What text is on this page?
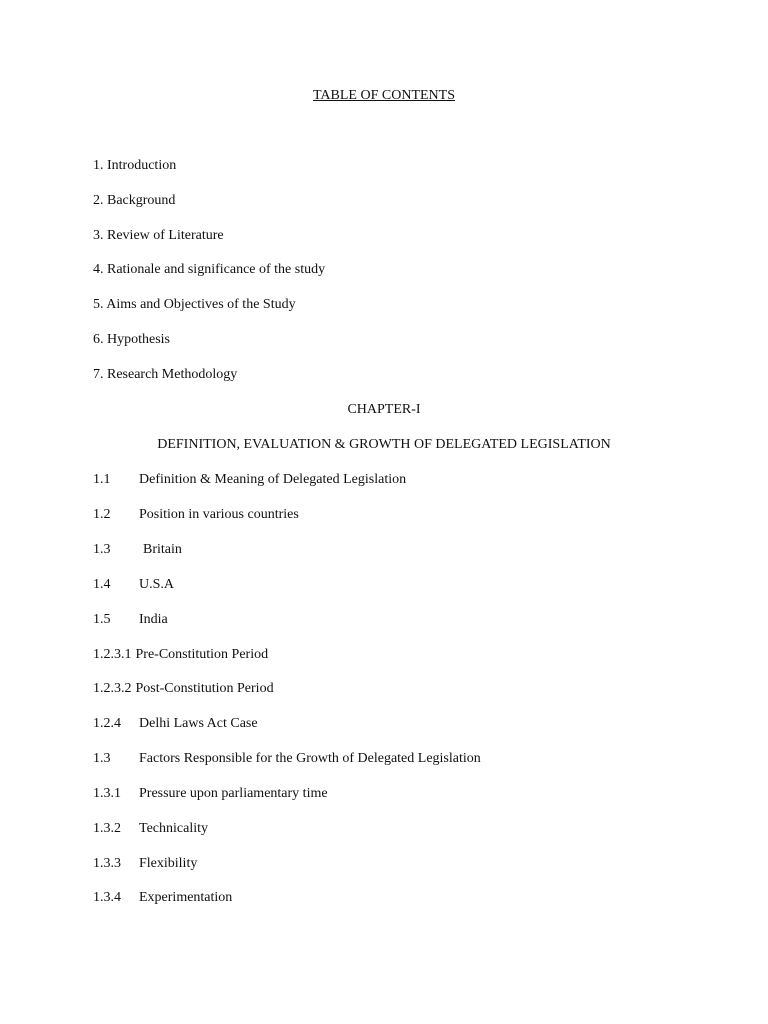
TABLE OF CONTENTS
1. Introduction
2. Background
3. Review of Literature
4. Rationale and significance of the study
5. Aims and Objectives of the Study
6. Hypothesis
7. Research Methodology
CHAPTER-I
DEFINITION, EVALUATION & GROWTH OF DELEGATED LEGISLATION
1.1 Definition & Meaning of Delegated Legislation
1.2 Position in various countries
1.3 Britain
1.4 U.S.A
1.5 India
1.2.3.1 Pre-Constitution Period
1.2.3.2 Post-Constitution Period
1.2.4 Delhi Laws Act Case
1.3 Factors Responsible for the Growth of Delegated Legislation
1.3.1 Pressure upon parliamentary time
1.3.2 Technicality
1.3.3 Flexibility
1.3.4 Experimentation
